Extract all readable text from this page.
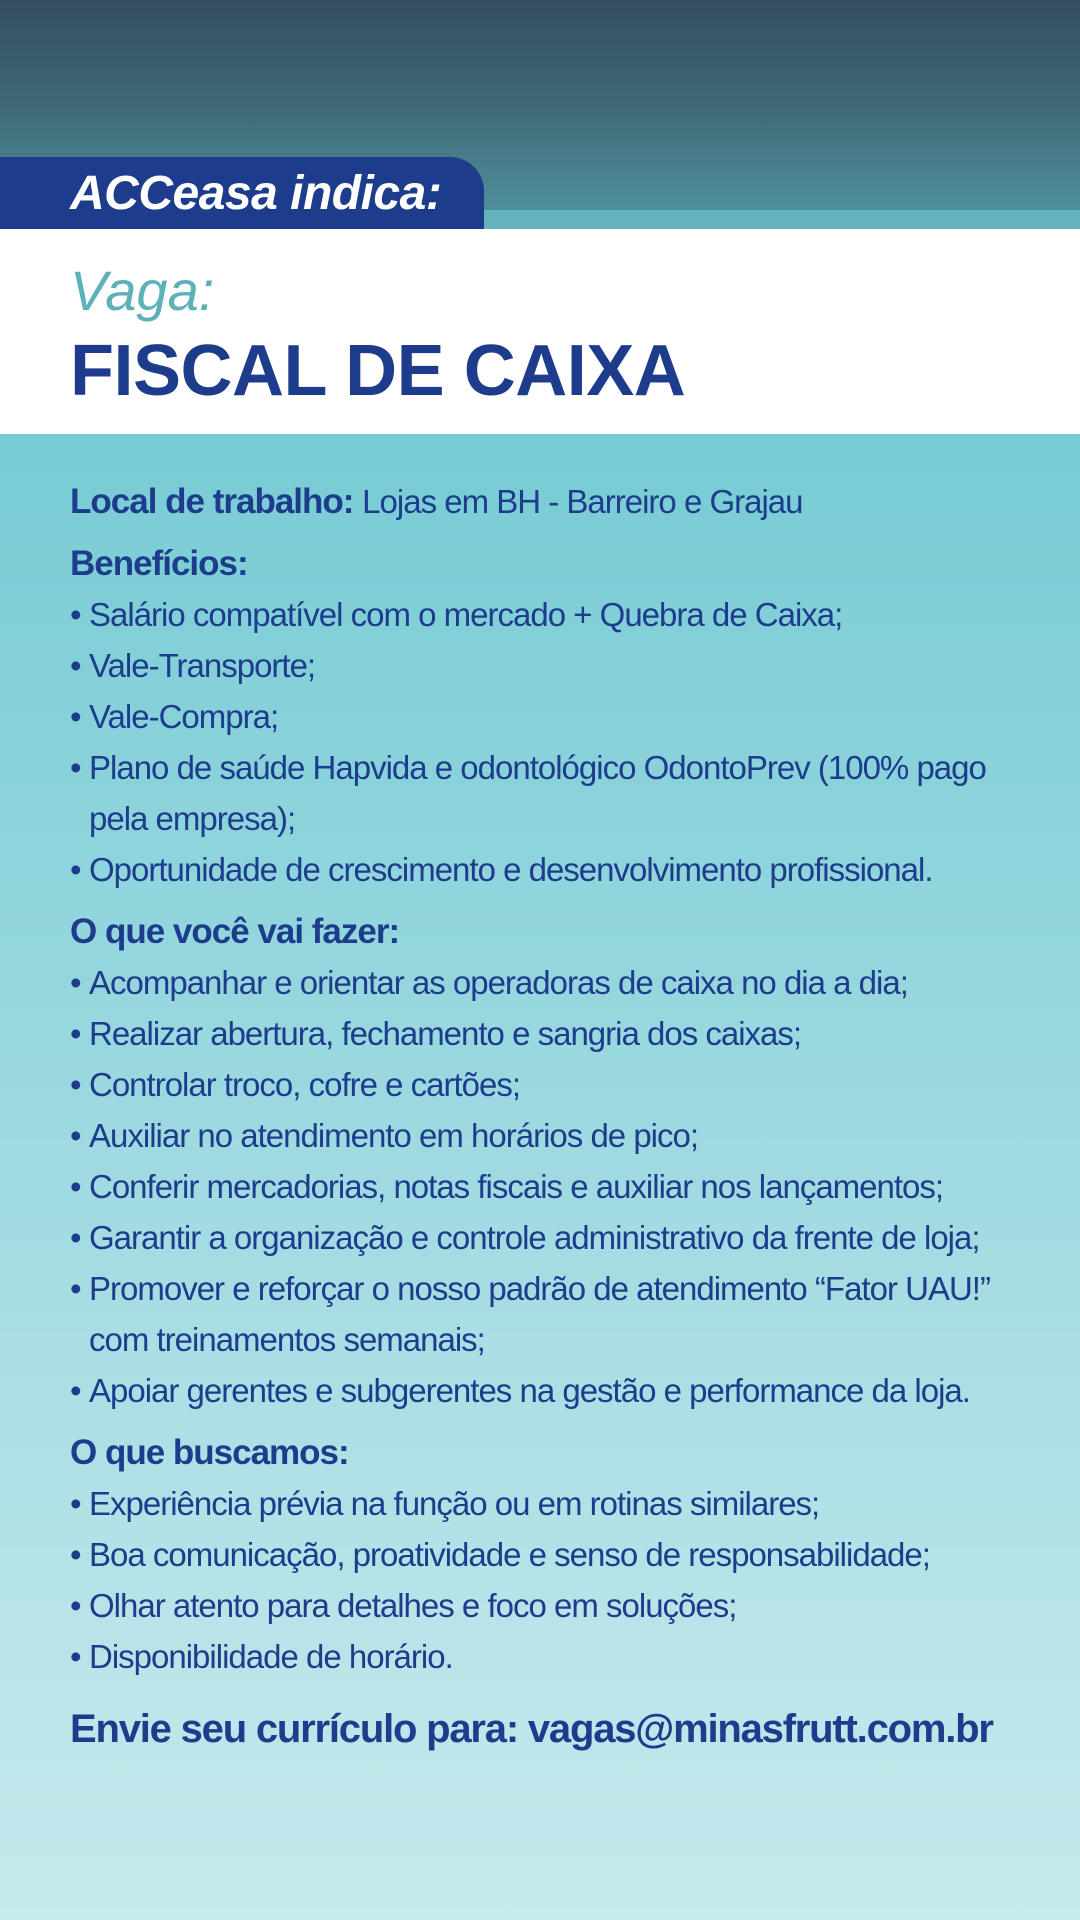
ACCeasa indica:
Vaga:
FISCAL DE CAIXA
Local de trabalho: Lojas em BH - Barreiro e Grajau
Benefícios:
• Salário compatível com o mercado + Quebra de Caixa;
• Vale-Transporte;
• Vale-Compra;
• Plano de saúde Hapvida e odontológico OdontoPrev (100% pago pela empresa);
• Oportunidade de crescimento e desenvolvimento profissional.
O que você vai fazer:
• Acompanhar e orientar as operadoras de caixa no dia a dia;
• Realizar abertura, fechamento e sangria dos caixas;
• Controlar troco, cofre e cartões;
• Auxiliar no atendimento em horários de pico;
• Conferir mercadorias, notas fiscais e auxiliar nos lançamentos;
• Garantir a organização e controle administrativo da frente de loja;
• Promover e reforçar o nosso padrão de atendimento “Fator UAU!” com treinamentos semanais;
• Apoiar gerentes e subgerentes na gestão e performance da loja.
O que buscamos:
• Experiência prévia na função ou em rotinas similares;
• Boa comunicação, proatividade e senso de responsabilidade;
• Olhar atento para detalhes e foco em soluções;
• Disponibilidade de horário.
Envie seu currículo para: vagas@minasfrutt.com.br
